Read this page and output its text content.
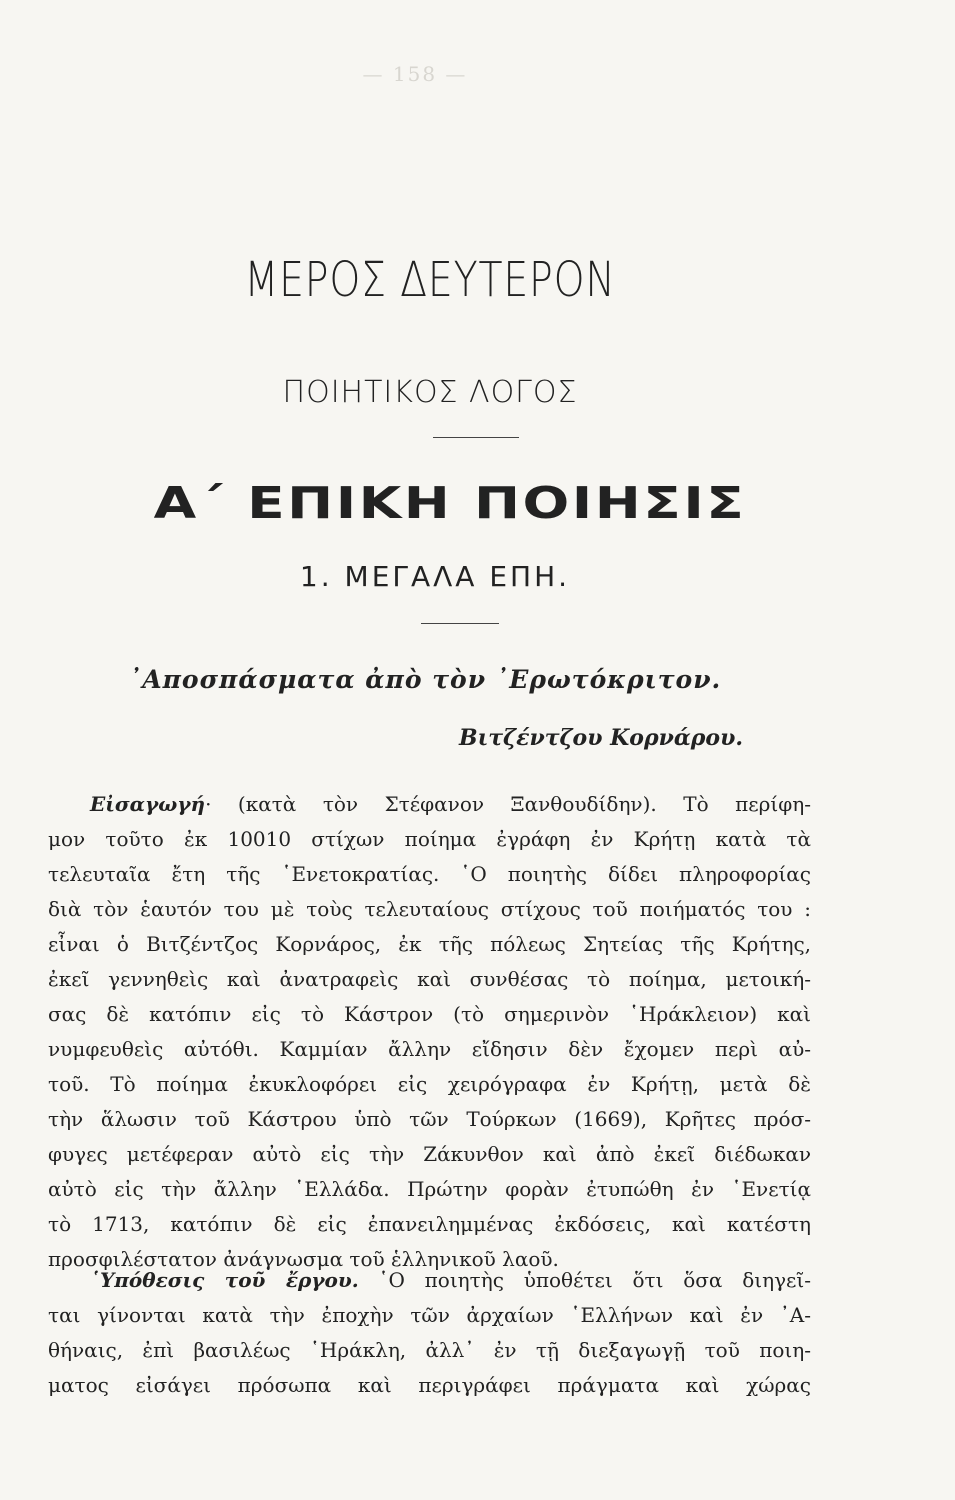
— 158 —
ΜΕΡΟΣ ΔΕΥΤΕΡΟΝ
ΠΟΙΗΤΙΚΟΣ ΛΟΓΟΣ
Α΄ ΕΠΙΚΗ ΠΟΙΗΣΙΣ
1. ΜΕΓΑΛΑ ΕΠΗ.
᾿Αποσπάσματα ἀπὸ τὸν ᾿Ερωτόκριτον.
Βιτζέντζου Κορνάρου.
Εἰσαγωγή· (κατὰ τὸν Στέφανον Ξανθουδίδην). Τὸ περίφη-
μον τοῦτο ἐκ 10010 στίχων ποίημα ἐγράφη ἐν Κρήτῃ κατὰ τὰ
τελευταῖα ἔτη τῆς ῾Ενετοκρατίας. ῾Ο ποιητὴς δίδει πληροφορίας
διὰ τὸν ἑαυτόν του μὲ τοὺς τελευταίους στίχους τοῦ ποιήματός του :
εἶναι ὁ Βιτζέντζος Κορνάρος, ἐκ τῆς πόλεως Σητείας τῆς Κρήτης,
ἐκεῖ γεννηθεὶς καὶ ἀνατραφεὶς καὶ συνθέσας τὸ ποίημα, μετοική-
σας δὲ κατόπιν εἰς τὸ Κάστρον (τὸ σημερινὸν ῾Ηράκλειον) καὶ
νυμφευθεὶς αὐτόθι. Καμμίαν ἄλλην εἴδησιν δὲν ἔχομεν περὶ αὐ-
τοῦ. Τὸ ποίημα ἐκυκλοφόρει εἰς χειρόγραφα ἐν Κρήτῃ, μετὰ δὲ
τὴν ἅλωσιν τοῦ Κάστρου ὑπὸ τῶν Τούρκων (1669), Κρῆτες πρόσ-
φυγες μετέφεραν αὐτὸ εἰς τὴν Ζάκυνθον καὶ ἀπὸ ἐκεῖ διέδωκαν
αὐτὸ εἰς τὴν ἄλλην ῾Ελλάδα. Πρώτην φορὰν ἐτυπώθη ἐν ῾Ενετίᾳ
τὸ 1713, κατόπιν δὲ εἰς ἐπανειλημμένας ἐκδόσεις, καὶ κατέστη
προσφιλέστατον ἀνάγνωσμα τοῦ ἑλληνικοῦ λαοῦ.
῾Υπόθεσις τοῦ ἔργου. ῾Ο ποιητὴς ὑποθέτει ὅτι ὅσα διηγεῖ-
ται γίνονται κατὰ τὴν ἐποχὴν τῶν ἀρχαίων ῾Ελλήνων καὶ ἐν ᾿Α-
θήναις, ἐπὶ βασιλέως ῾Ηράκλη, ἀλλ᾿ ἐν τῇ διεξαγωγῇ τοῦ ποιη-
ματος εἰσάγει πρόσωπα καὶ περιγράφει πράγματα καὶ χώρας
